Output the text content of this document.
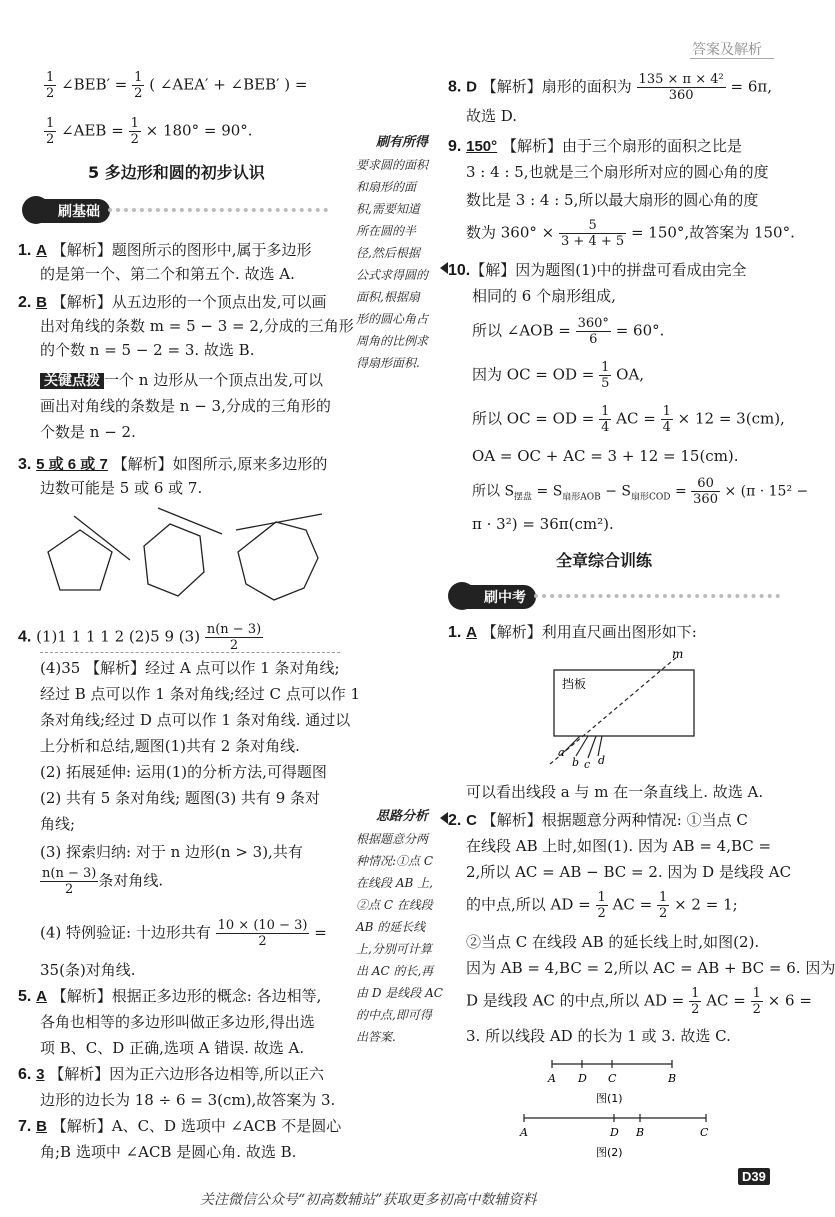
答案及解析
$\frac{1}{2}$ ∠BEB′ = $\frac{1}{2}$ ( ∠AEA′ + ∠BEB′ ) =
$\frac{1}{2}$ ∠AEB = $\frac{1}{2} \times 180^\circ = 90^\circ$.
5 多边形和圆的初步认识
刷基础
1. A 【解析】题图所示的图形中,属于多边形
的是第一个、第二个和第五个. 故选 A.
2. B 【解析】从五边形的一个顶点出发,可以画
出对角线的条数 m = 5 − 3 = 2,分成的三角形
的个数 n = 5 − 2 = 3. 故选 B.
关键点拨 一个 n 边形从一个顶点出发,可以
画出对角线的条数是 n − 3,分成的三角形的
个数是 n − 2.
3. 5 或 6 或 7 【解析】如图所示,原来多边形的
边数可能是 5 或 6 或 7.
4. (1)1 1 1 1 2 (2)5 9 $(3) \frac{n(n - 3)}{2}$
(4)35 【解析】经过 A 点可以作 1 条对角线;
经过 B 点可以作 1 条对角线;经过 C 点可以作 1
条对角线;经过 D 点可以作 1 条对角线. 通过以
上分析和总结,题图(1)共有 2 条对角线.
(2) 拓展延伸: 运用(1)的分析方法,可得题图
(2) 共有 5 条对角线; 题图(3) 共有 9 条对
角线;
(3) 探索归纳: 对于 n 边形(n > 3),共有
$\frac{n(n - 3)}{2}$ 条对角线.
(4) 特例验证: 十边形共有 $\frac{10 \times (10 - 3)}{2}$ =
35(条)对角线.
5. A 【解析】根据正多边形的概念: 各边相等,
各角也相等的多边形叫做正多边形,得出选
项 B、C、D 正确,选项 A 错误. 故选 A.
6. 3 【解析】因为正六边形各边相等,所以正六
边形的边长为 18 ÷ 6 = 3(cm),故答案为 3.
7. B 【解析】A、C、D 选项中 ∠ACB 不是圆心
角;B 选项中 ∠ACB 是圆心角. 故选 B.
刷有所得
要求圆的面积
和扇形的面
积,需要知道
所在圆的半
径,然后根据
公式求得圆的
面积,根据扇
形的圆心角占
周角的比例求
得扇形面积.
思路分析
根据题意分两
种情况:①点 C
在线段 AB 上,
②点 C 在线段
AB 的延长线
上,分别可计算
出 AC 的长,再
由 D 是线段 AC
的中点,即可得
出答案.
8. D 【解析】扇形的面积为 $\frac{\text{135 × π × 4²}}{360} = 6\pi$,
故选 D.
9. 150° 【解析】由于三个扇形的面积之比是
3 : 4 : 5,也就是三个扇形所对应的圆心角的度
数比是 3 : 4 : 5,所以最大扇形的圆心角的度
数为 $360^\circ \times \frac{5}{3 + 4 + 5} = 150^\circ$,故答案为 150°.
10.【解】因为题图(1)中的拼盘可看成由完全
相同的 6 个扇形组成,
所以 ∠AOB = $\frac{360^\circ}{6} = 60^\circ$.
因为 OC = OD = $\frac{1}{5}$ OA,
所以 OC = OD = $\frac{1}{4}$ AC = $\frac{1}{4} \times 12 = 3(cm)$,
OA = OC + AC = 3 + 12 = 15(cm).
所以 $S_{摆盘} = S_{扇形AOB} - S_{扇形COD} = \frac{60}{360} \times (\pi \cdot 15^2$ −
π · 3²) = 36π(cm²).
全章综合训练
刷中考
1. A 【解析】利用直尺画出图形如下:
挡板
m
a
b c d
可以看出线段 a 与 m 在一条直线上. 故选 A.
2. C 【解析】根据题意分两种情况: ①当点 C
在线段 AB 上时,如图(1). 因为 AB = 4,BC =
2,所以 AC = AB − BC = 2. 因为 D 是线段 AC
的中点,所以 AD = $\frac{1}{2}$ AC = $\frac{1}{2} \times 2 = 1$;
②当点 C 在线段 AB 的延长线上时,如图(2).
因为 AB = 4,BC = 2,所以 AC = AB + BC = 6. 因为
D 是线段 AC 的中点,所以 AD = $\frac{1}{2}$ AC = $\frac{1}{2} \times 6$ =
3. 所以线段 AD 的长为 1 或 3. 故选 C.
A D C	B
图(1)
A	D B	C
图(2)
D39
关注微信公众号“初高数辅站”获取更多初高中数辅资料
